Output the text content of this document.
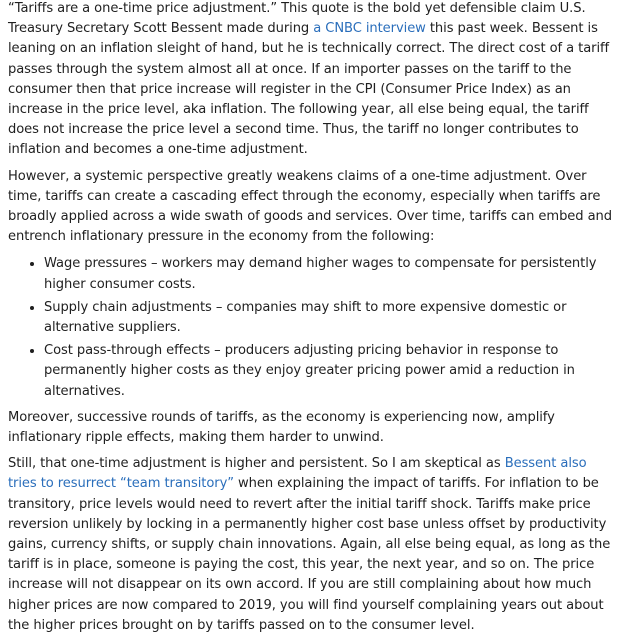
“Tariffs are a one-time price adjustment.” This quote is the bold yet defensible claim U.S. Treasury Secretary Scott Bessent made during a CNBC interview this past week. Bessent is leaning on an inflation sleight of hand, but he is technically correct. The direct cost of a tariff passes through the system almost all at once. If an importer passes on the tariff to the consumer then that price increase will register in the CPI (Consumer Price Index) as an increase in the price level, aka inflation. The following year, all else being equal, the tariff does not increase the price level a second time. Thus, the tariff no longer contributes to inflation and becomes a one-time adjustment.

However, a systemic perspective greatly weakens claims of a one-time adjustment. Over time, tariffs can create a cascading effect through the economy, especially when tariffs are broadly applied across a wide swath of goods and services. Over time, tariffs can embed and entrench inflationary pressure in the economy from the following:

• Wage pressures – workers may demand higher wages to compensate for persistently higher consumer costs.
• Supply chain adjustments – companies may shift to more expensive domestic or alternative suppliers.
• Cost pass-through effects – producers adjusting pricing behavior in response to permanently higher costs as they enjoy greater pricing power amid a reduction in alternatives.

Moreover, successive rounds of tariffs, as the economy is experiencing now, amplify inflationary ripple effects, making them harder to unwind.

Still, that one-time adjustment is higher and persistent. So I am skeptical as Bessent also tries to resurrect “team transitory” when explaining the impact of tariffs. For inflation to be transitory, price levels would need to revert after the initial tariff shock. Tariffs make price reversion unlikely by locking in a permanently higher cost base unless offset by productivity gains, currency shifts, or supply chain innovations. Again, all else being equal, as long as the tariff is in place, someone is paying the cost, this year, the next year, and so on. The price increase will not disappear on its own accord. If you are still complaining about how much higher prices are now compared to 2019, you will find yourself complaining years out about the higher prices brought on by tariffs passed on to the consumer level.
